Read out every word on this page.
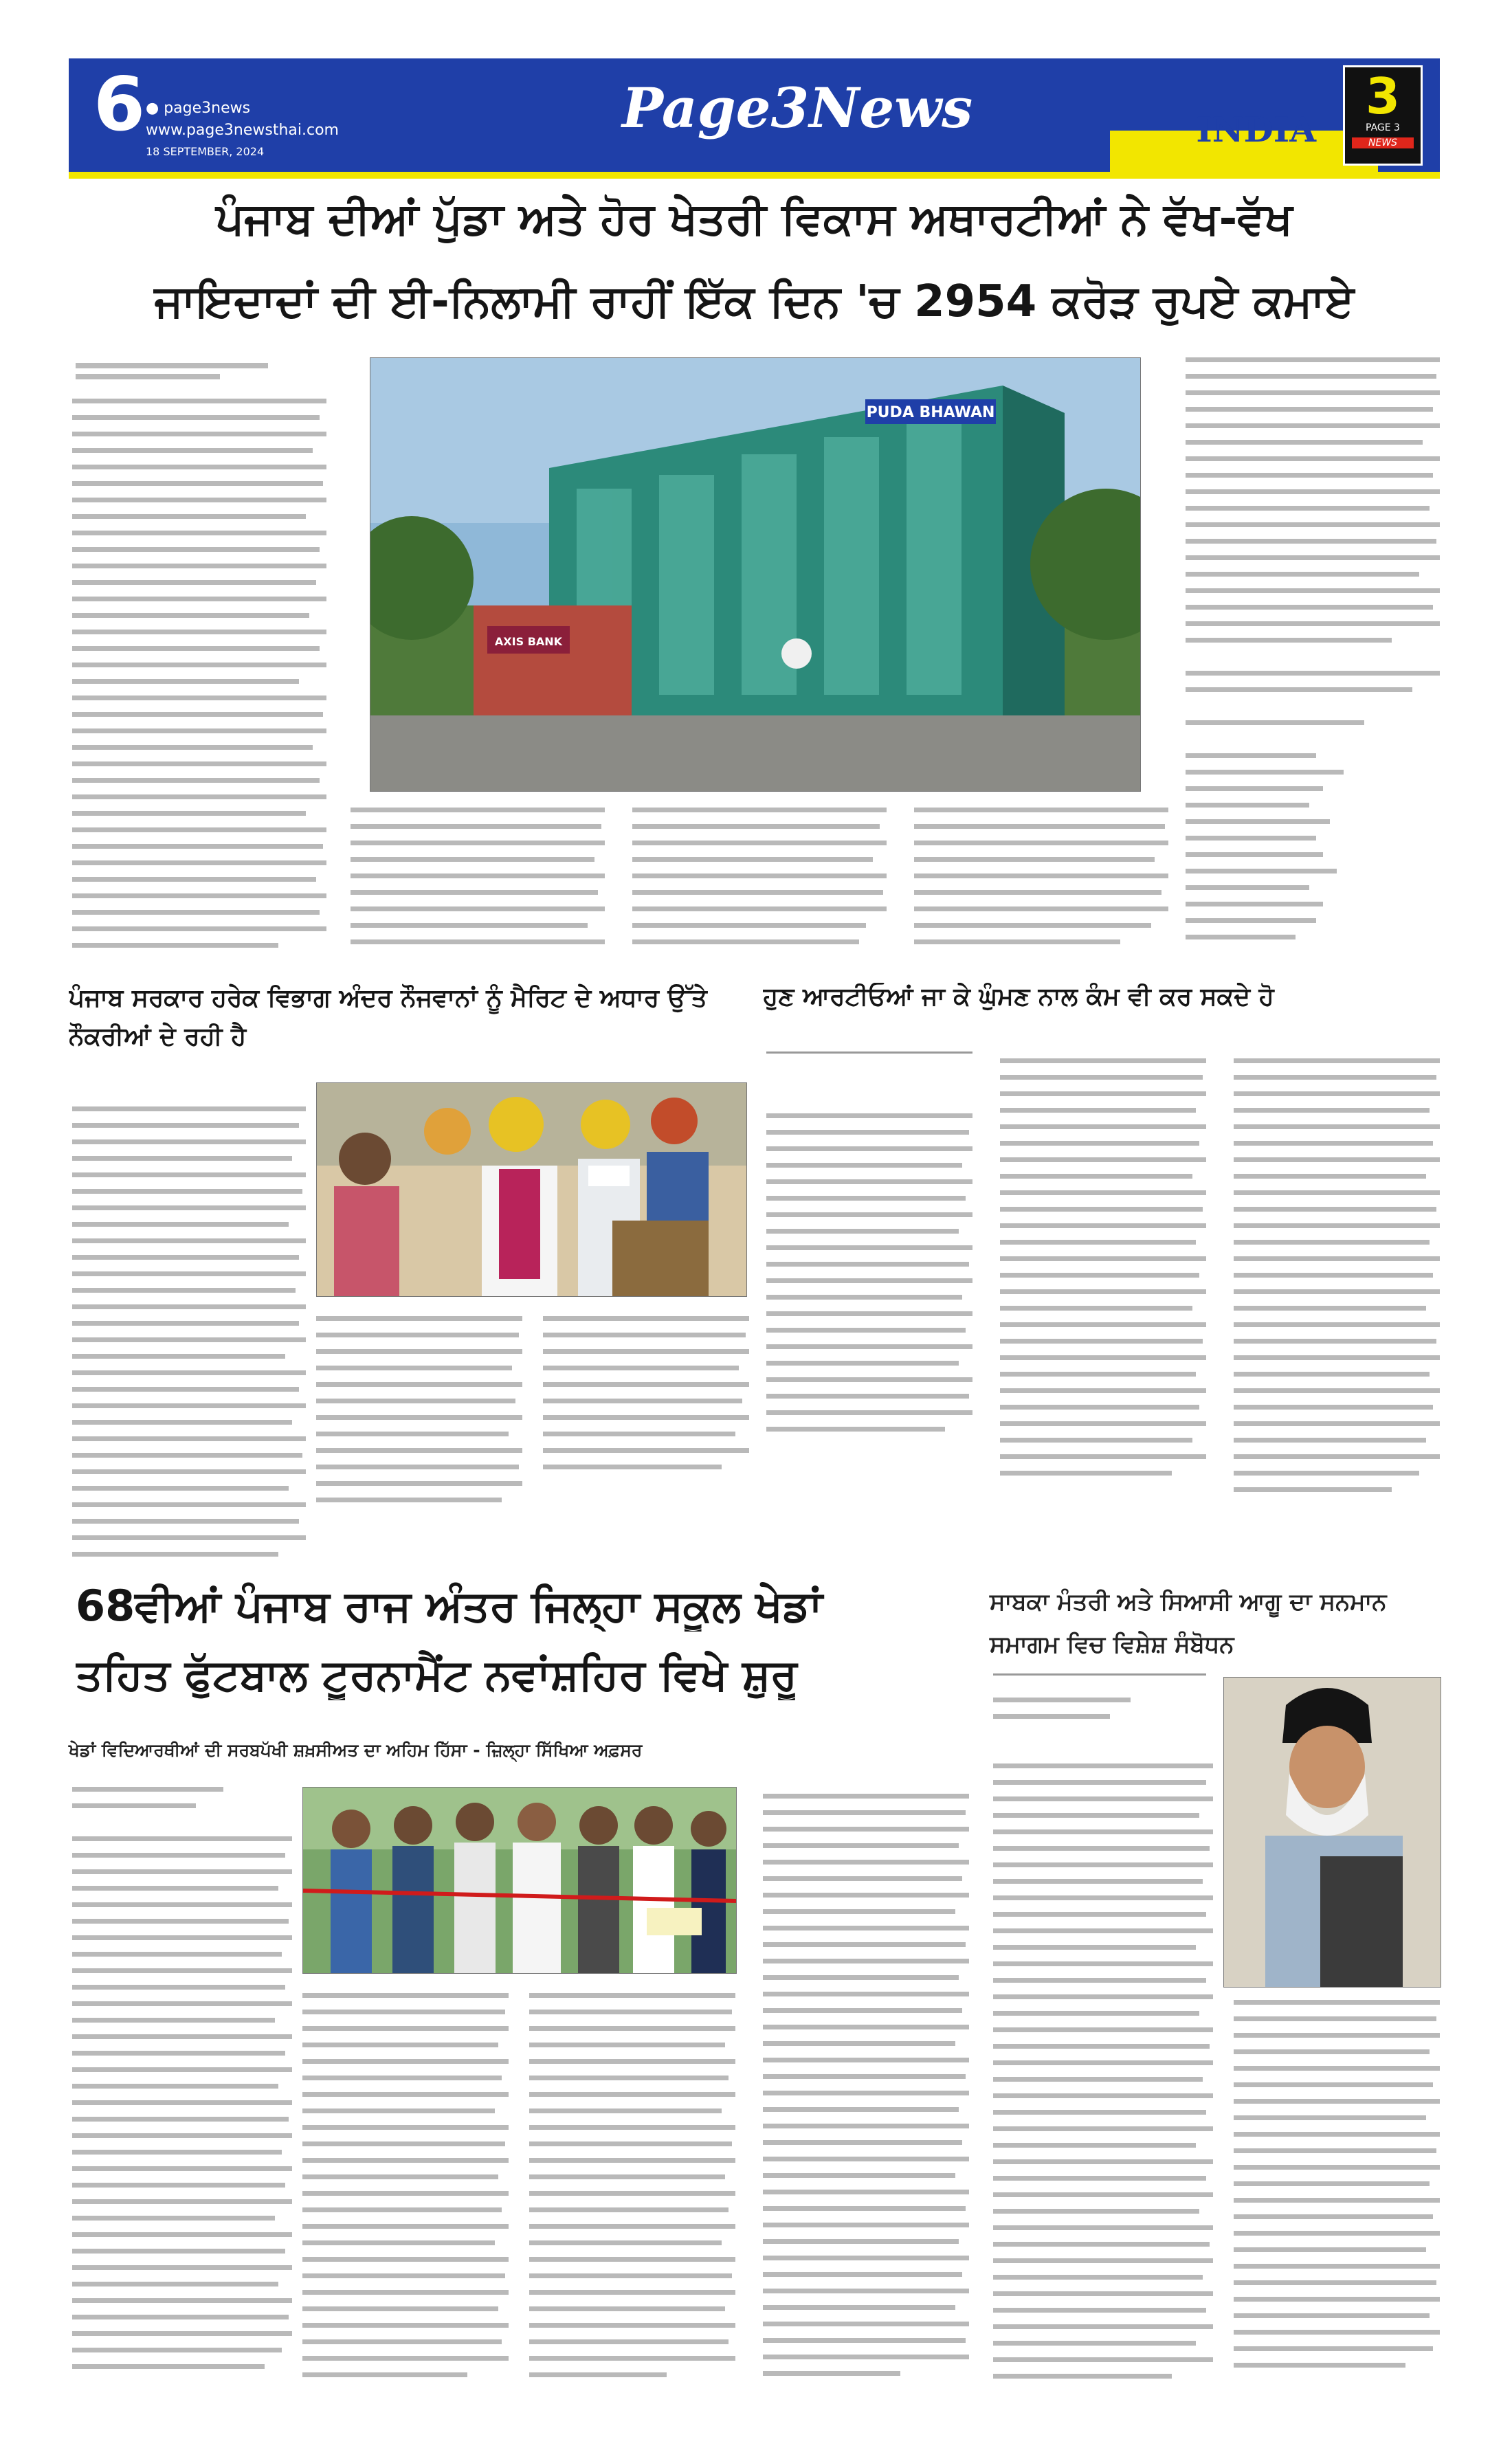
6 ● page3news
www.page3newsthai.com
18 SEPTEMBER, 2024
Page3News	INDIA
3
PAGE 3
NEWS
ਪੰਜਾਬ ਦੀਆਂ ਪੁੱਡਾ ਅਤੇ ਹੋਰ ਖੇਤਰੀ ਵਿਕਾਸ ਅਥਾਰਟੀਆਂ ਨੇ ਵੱਖ-ਵੱਖ
ਜਾਇਦਾਦਾਂ ਦੀ ਈ-ਨਿਲਾਮੀ ਰਾਹੀਂ ਇੱਕ ਦਿਨ 'ਚ 2954 ਕਰੋੜ ਰੁਪਏ ਕਮਾਏ
PUDA BHAWAN
AXIS BANK
ਪੰਜਾਬ ਸਰਕਾਰ ਹਰੇਕ ਵਿਭਾਗ ਅੰਦਰ ਨੌਜਵਾਨਾਂ ਨੂੰ ਮੈਰਿਟ ਦੇ ਅਧਾਰ ਉੱਤੇ ਨੌਕਰੀਆਂ ਦੇ ਰਹੀ ਹੈ
ਹੁਣ ਆਰਟੀਓਆਂ ਜਾ ਕੇ ਘੁੰਮਣ ਨਾਲ ਕੰਮ ਵੀ ਕਰ ਸਕਦੇ ਹੋ
68ਵੀਆਂ ਪੰਜਾਬ ਰਾਜ ਅੰਤਰ ਜਿਲ੍ਹਾ ਸਕੂਲ ਖੇਡਾਂ
ਤਹਿਤ ਫੁੱਟਬਾਲ ਟੂਰਨਾਮੈਂਟ ਨਵਾਂਸ਼ਹਿਰ ਵਿਖੇ ਸ਼ੁਰੂ
ਖੇਡਾਂ ਵਿਦਿਆਰਥੀਆਂ ਦੀ ਸਰਬਪੱਖੀ ਸ਼ਖ਼ਸੀਅਤ ਦਾ ਅਹਿਮ ਹਿੱਸਾ - ਜ਼ਿਲ੍ਹਾ ਸਿੱਖਿਆ ਅਫ਼ਸਰ
ਸਾਬਕਾ ਮੰਤਰੀ ਅਤੇ ਸਿਆਸੀ ਆਗੂ ਦਾ ਸਨਮਾਨ ਸਮਾਗਮ ਵਿਚ ਵਿਸ਼ੇਸ਼ ਸੰਬੋਧਨ
